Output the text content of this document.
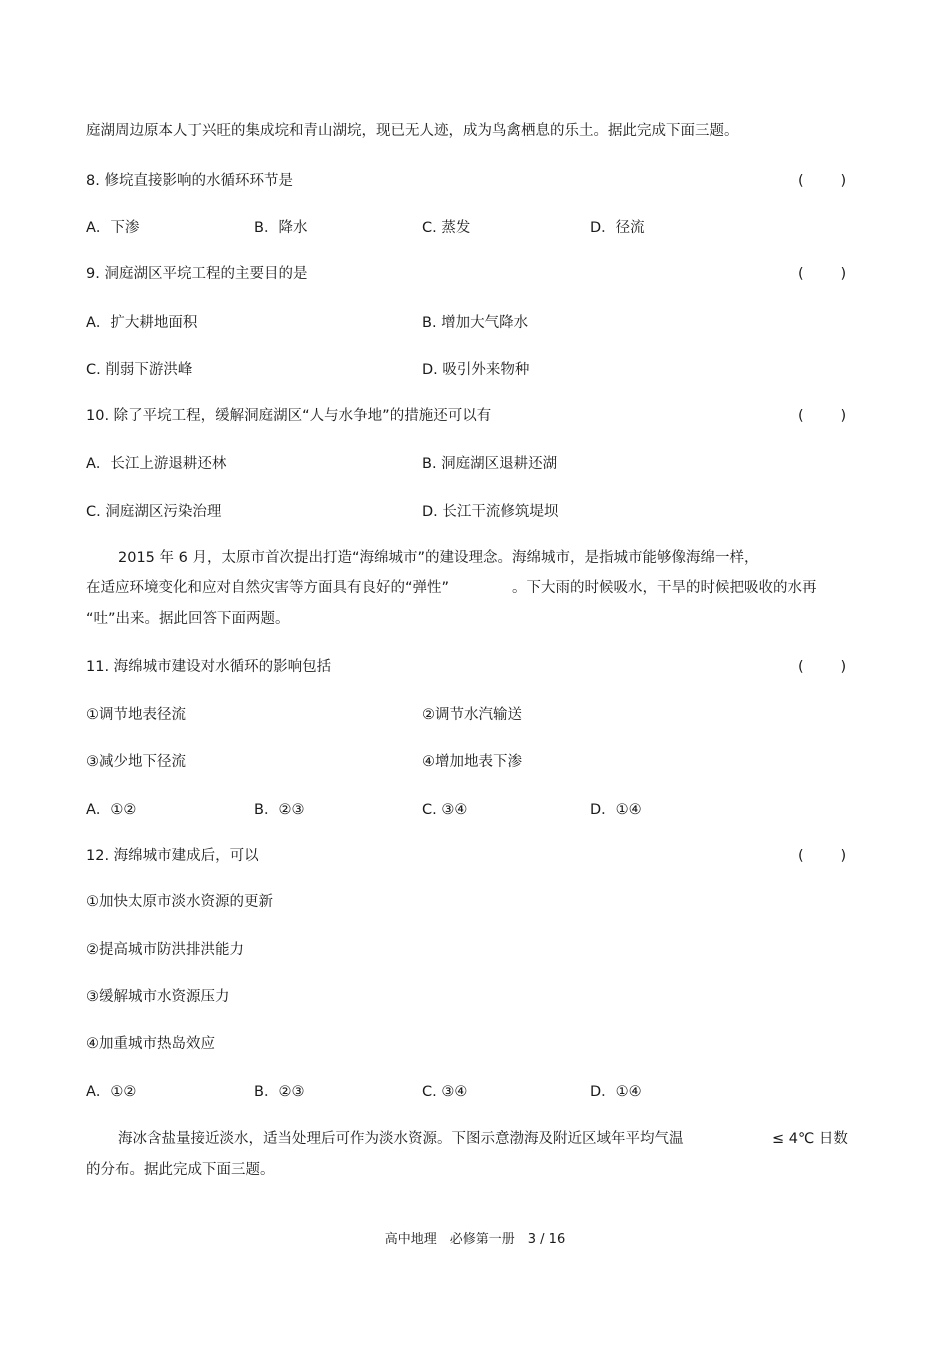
庭湖周边原本人丁兴旺的集成垸和青山湖垸，现已无人迹，成为鸟禽栖息的乐土。据此完成下面三题。
8. 修垸直接影响的水循环环节是	(        )
A．下渗	B．降水	C. 蒸发	D．径流
9. 洞庭湖区平垸工程的主要目的是	(        )
A．扩大耕地面积	B. 增加大气降水
C. 削弱下游洪峰	D. 吸引外来物种
10. 除了平垸工程，缓解洞庭湖区“人与水争地”的措施还可以有	(        )
A．长江上游退耕还林	B. 洞庭湖区退耕还湖
C. 洞庭湖区污染治理	D. 长江干流修筑堤坝
2015 年 6 月，太原市首次提出打造“海绵城市”的建设理念。海绵城市，是指城市能够像海绵一样，
在适应环境变化和应对自然灾害等方面具有良好的“弹性”	。下大雨的时候吸水，干旱的时候把吸收的水再
“吐”出来。据此回答下面两题。
11. 海绵城市建设对水循环的影响包括	(        )
①调节地表径流	②调节水汽输送
③减少地下径流	④增加地表下渗
A．①②	B．②③	C. ③④	D．①④
12. 海绵城市建成后，可以	(        )
①加快太原市淡水资源的更新
②提高城市防洪排洪能力
③缓解城市水资源压力
④加重城市热岛效应
A．①②	B．②③	C. ③④	D．①④
海冰含盐量接近淡水，适当处理后可作为淡水资源。下图示意渤海及附近区域年平均气温	≤ 4℃ 日数
的分布。据此完成下面三题。
高中地理　必修第一册　3 / 16
